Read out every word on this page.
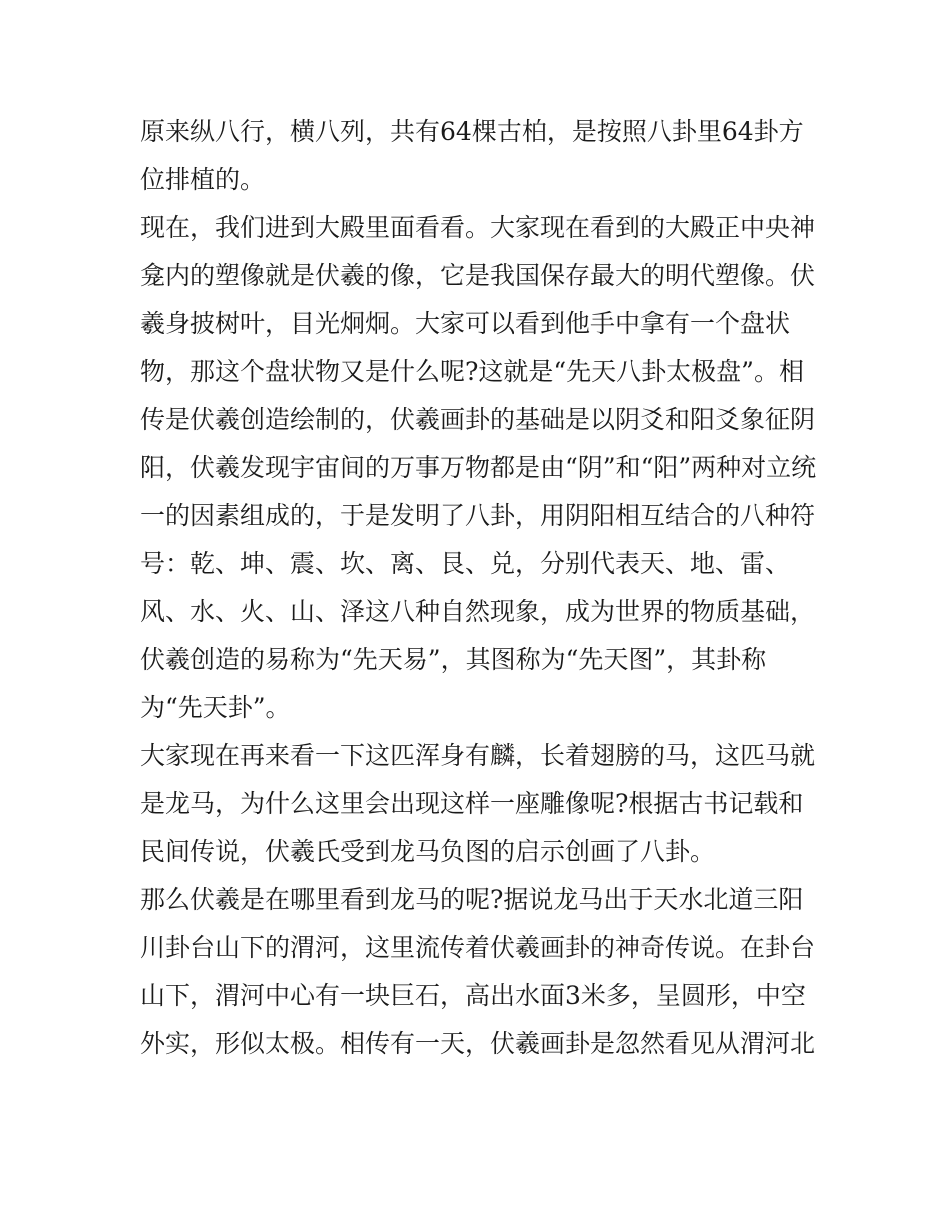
原来纵八行，横八列，共有64棵古柏，是按照八卦里64卦方
位排植的。
现在，我们进到大殿里面看看。大家现在看到的大殿正中央神
龛内的塑像就是伏羲的像，它是我国保存最大的明代塑像。伏
羲身披树叶，目光炯炯。大家可以看到他手中拿有一个盘状
物，那这个盘状物又是什么呢?这就是“先天八卦太极盘”。相
传是伏羲创造绘制的，伏羲画卦的基础是以阴爻和阳爻象征阴
阳，伏羲发现宇宙间的万事万物都是由“阴”和“阳”两种对立统
一的因素组成的，于是发明了八卦，用阴阳相互结合的八种符
号：乾、坤、震、坎、离、艮、兑，分别代表天、地、雷、
风、水、火、山、泽这八种自然现象，成为世界的物质基础，
伏羲创造的易称为“先天易”，其图称为“先天图”，其卦称
为“先天卦”。
大家现在再来看一下这匹浑身有麟，长着翅膀的马，这匹马就
是龙马，为什么这里会出现这样一座雕像呢?根据古书记载和
民间传说，伏羲氏受到龙马负图的启示创画了八卦。
那么伏羲是在哪里看到龙马的呢?据说龙马出于天水北道三阳
川卦台山下的渭河，这里流传着伏羲画卦的神奇传说。在卦台
山下，渭河中心有一块巨石，高出水面3米多，呈圆形，中空
外实，形似太极。相传有一天，伏羲画卦是忽然看见从渭河北
